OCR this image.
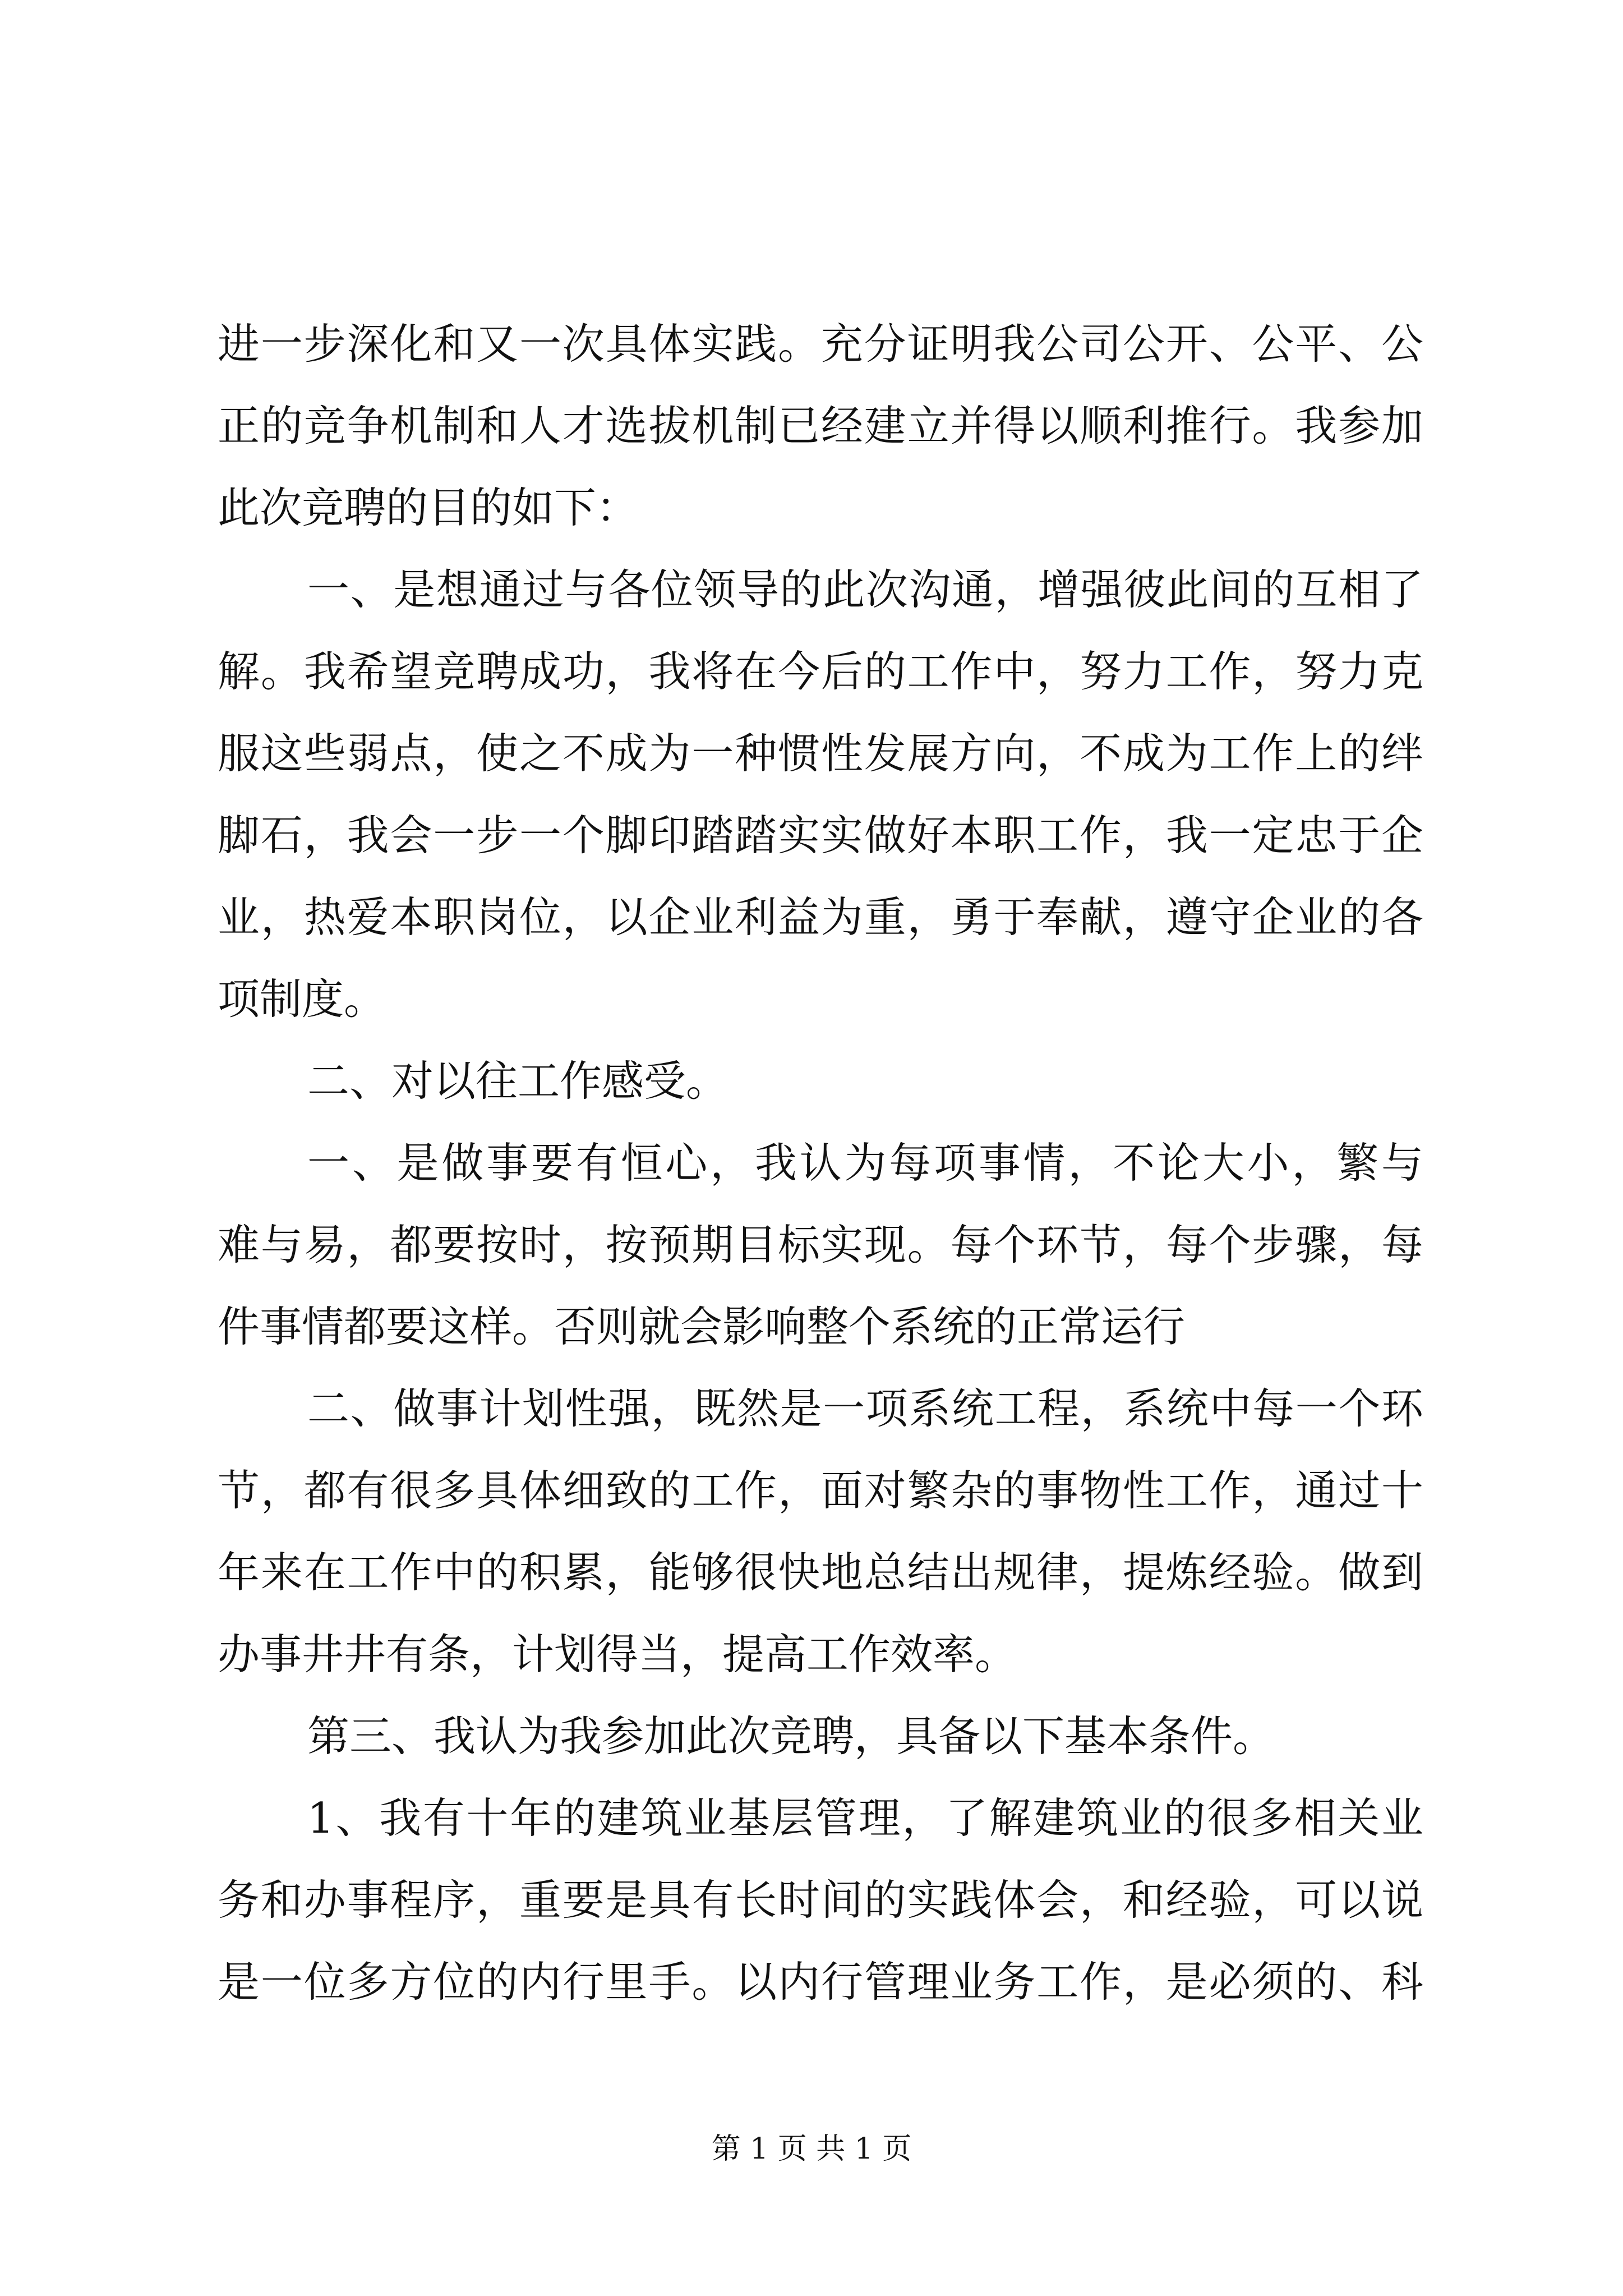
进一步深化和又一次具体实践。充分证明我公司公开、公平、公
正的竞争机制和人才选拔机制已经建立并得以顺利推行。我参加
此次竞聘的目的如下：
一、是想通过与各位领导的此次沟通，增强彼此间的互相了
解。我希望竞聘成功，我将在今后的工作中，努力工作，努力克
服这些弱点，使之不成为一种惯性发展方向，不成为工作上的绊
脚石，我会一步一个脚印踏踏实实做好本职工作，我一定忠于企
业，热爱本职岗位，以企业利益为重，勇于奉献，遵守企业的各
项制度。
二、对以往工作感受。
一、是做事要有恒心，我认为每项事情，不论大小，繁与
难与易，都要按时，按预期目标实现。每个环节，每个步骤，每
件事情都要这样。否则就会影响整个系统的正常运行
二、做事计划性强，既然是一项系统工程，系统中每一个环
节，都有很多具体细致的工作，面对繁杂的事物性工作，通过十
年来在工作中的积累，能够很快地总结出规律，提炼经验。做到
办事井井有条，计划得当，提高工作效率。
第三、我认为我参加此次竞聘，具备以下基本条件。
1、我有十年的建筑业基层管理，了解建筑业的很多相关业
务和办事程序，重要是具有长时间的实践体会，和经验，可以说
是一位多方位的内行里手。以内行管理业务工作，是必须的、科
第 1 页 共 1 页
